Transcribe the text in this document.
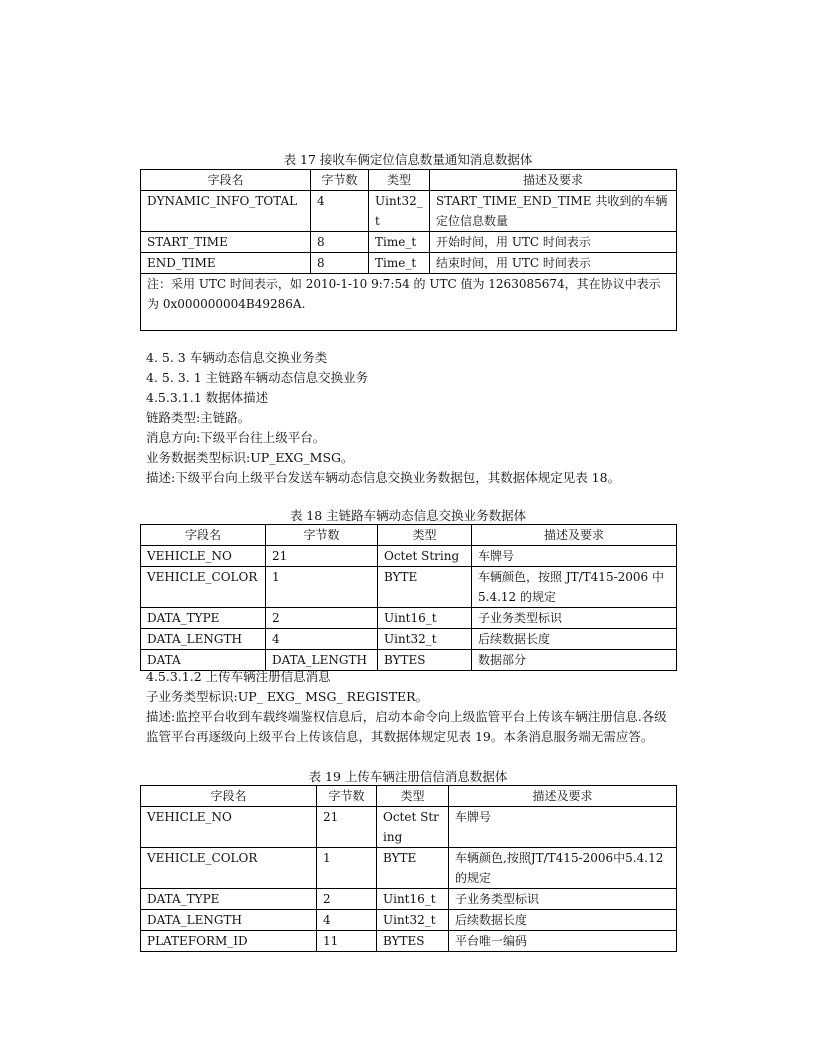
表 17 接收车俩定位信息数量通知消息数据体
字段名	字节数	类型	描述及要求
DYNAMIC_INFO_TOTAL	4	Uint32_t	START_TIME_END_TIME 共收到的车辆定位信息数量
START_TIME	8	Time_t	开始时间，用 UTC 时间表示
END_TIME	8	Time_t	结束时间，用 UTC 时间表示
注：采用 UTC 时间表示，如 2010-1-10 9:7:54 的 UTC 值为 1263085674，其在协议中表示为 0x000000004B49286A.			
4. 5. 3 车辆动态信息交换业务类
4. 5. 3. 1 主链路车辆动态信息交换业务
4.5.3.1.1 数据体描述
链路类型:主链路。
消息方向:下级平台往上级平台。
业务数据类型标识:UP_EXG_MSG。
描述:下级平台向上级平台发送车辆动态信息交换业务数据包，其数据体规定见表 18。
表 18 主链路车辆动态信息交换业务数据体
字段名	字节数	类型	描述及要求
VEHICLE_NO	21	Octet String	车牌号
VEHICLE_COLOR	1	BYTE	车辆颜色，按照 JT/T415-2006 中 5.4.12 的规定
DATA_TYPE	2	Uint16_t	子业务类型标识
DATA_LENGTH	4	Uint32_t	后续数据长度
DATA	DATA_LENGTH	BYTES	数据部分
4.5.3.1.2 上传车辆注册信息消息
子业务类型标识:UP_ EXG_ MSG_ REGISTER。
描述:监控平台收到车载终端鉴权信息后，启动本命令向上级监管平台上传该车辆注册信息.各级监管平台再逐级向上级平台上传该信息，其数据体规定见表 19。本条消息服务端无需应答。
表 19 上传车辆注册信信消息数据体
字段名	字节数	类型	描述及要求
VEHICLE_NO	21	Octet String	车牌号
VEHICLE_COLOR	1	BYTE	车辆颜色,按照JT/T415-2006中5.4.12的规定
DATA_TYPE	2	Uint16_t	子业务类型标识
DATA_LENGTH	4	Uint32_t	后续数据长度
PLATEFORM_ID	11	BYTES	平台唯一编码
